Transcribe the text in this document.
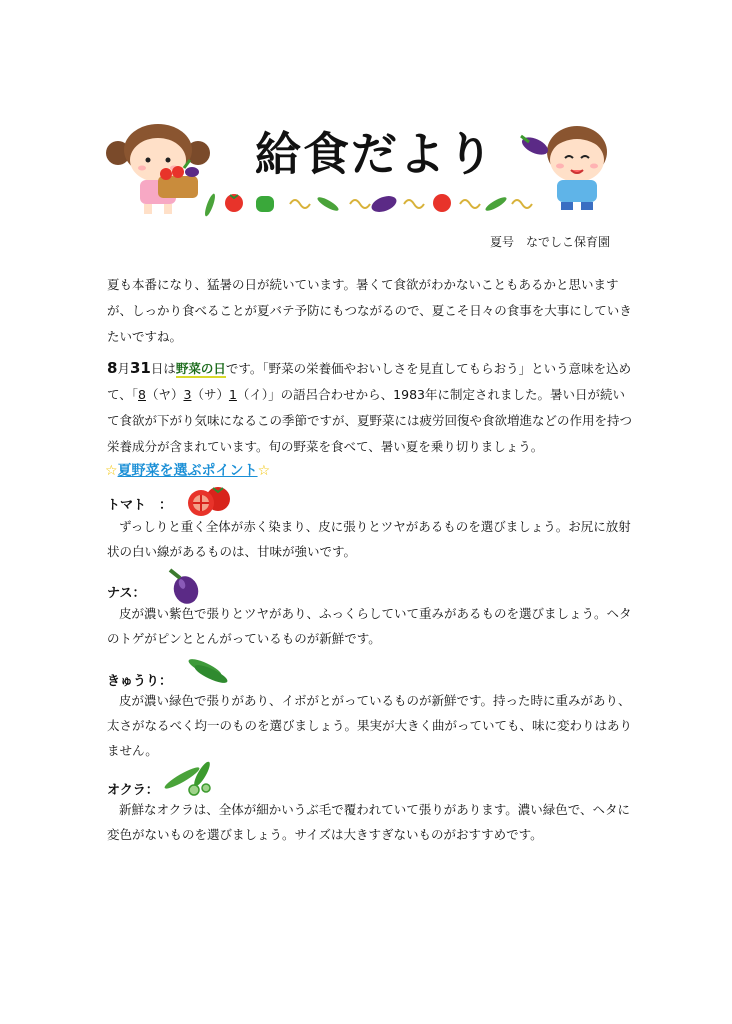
給食だより
夏号　なでしこ保育園

夏も本番になり、猛暑の日が続いています。暑くて食欲がわかないこともあるかと思いますが、しっかり食べることが夏バテ予防にもつながるので、夏こそ日々の食事を大事にしていきたいですね。

8月31日は野菜の日です。「野菜の栄養価やおいしさを見直してもらおう」という意味を込めて、「8（ヤ）3（サ）1（イ）」の語呂合わせから、1983年に制定されました。暑い日が続いて食欲が下がり気味になるこの季節ですが、夏野菜には疲労回復や食欲増進などの作用を持つ栄養成分が含まれています。旬の野菜を食べて、暑い夏を乗り切りましょう。

☆夏野菜を選ぶポイント☆
トマト　：

ずっしりと重く全体が赤く染まり、皮に張りとツヤがあるものを選びましょう。お尻に放射状の白い線があるものは、甘味が強いです。

ナス：

皮が濃い紫色で張りとツヤがあり、ふっくらしていて重みがあるものを選びましょう。ヘタのトゲがピンととんがっているものが新鮮です。

きゅうり：

皮が濃い緑色で張りがあり、イボがとがっているものが新鮮です。持った時に重みがあり、太さがなるべく均一のものを選びましょう。果実が大きく曲がっていても、味に変わりはありません。

オクラ：

新鮮なオクラは、全体が細かいうぶ毛で覆われていて張りがあります。濃い緑色で、ヘタに変色がないものを選びましょう。サイズは大きすぎないものがおすすめです。
